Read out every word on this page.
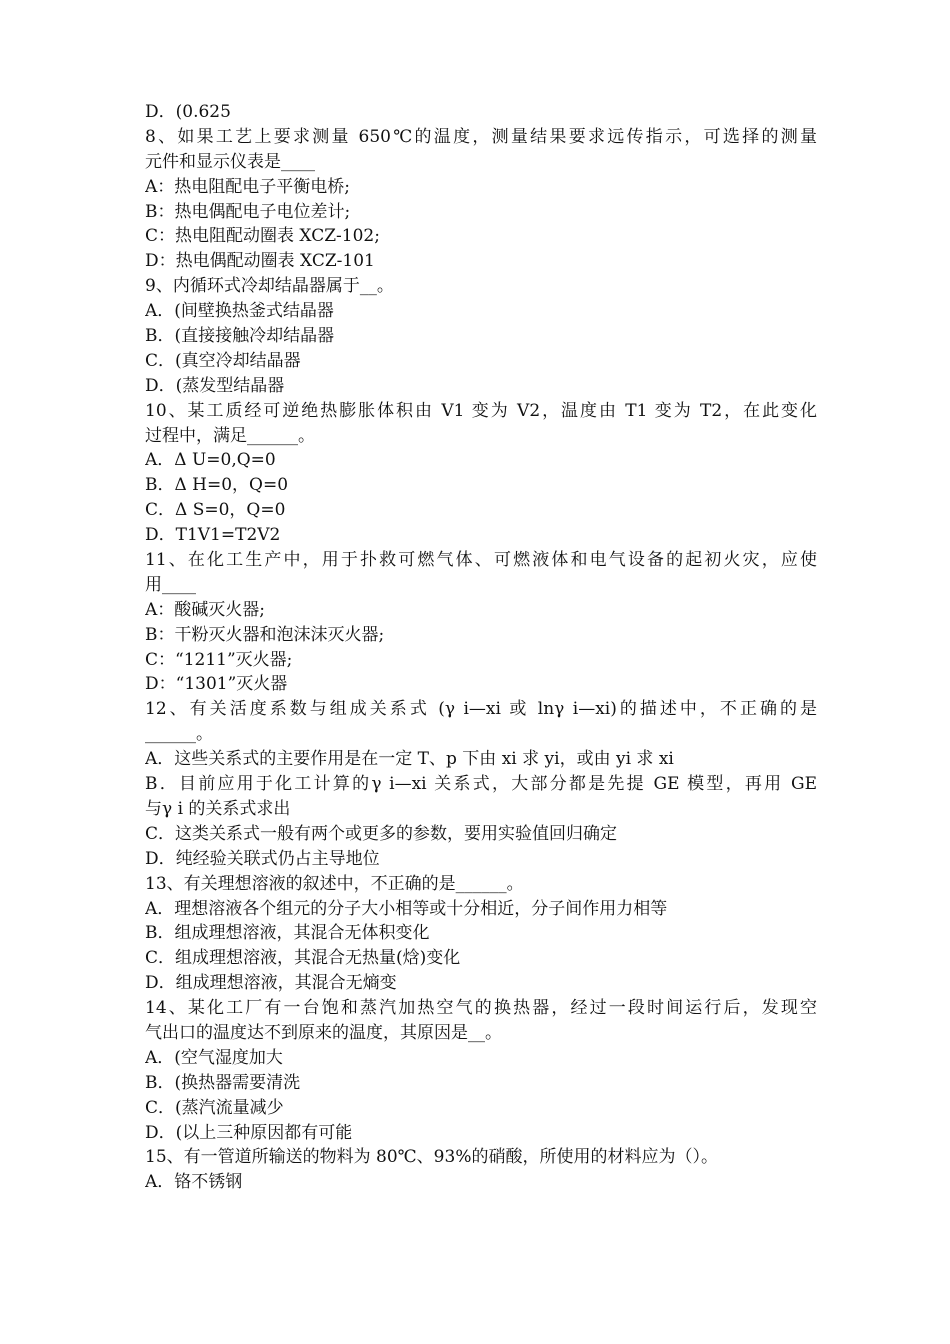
D．(0.625
8、如果工艺上要求测量 650℃的温度，测量结果要求远传指示，可选择的测量
元件和显示仪表是____
A：热电阻配电子平衡电桥;
B：热电偶配电子电位差计;
C：热电阻配动圈表 XCZ-102;
D：热电偶配动圈表 XCZ-101
9、内循环式冷却结晶器属于__。
A．(间壁换热釜式结晶器
B．(直接接触冷却结晶器
C．(真空冷却结晶器
D．(蒸发型结晶器
10、某工质经可逆绝热膨胀体积由 V1 变为 V2，温度由 T1 变为 T2，在此变化
过程中，满足______。
A．Δ U=0,Q=0
B．Δ H=0，Q=0
C．Δ S=0，Q=0
D．T1V1=T2V2
11、在化工生产中，用于扑救可燃气体、可燃液体和电气设备的起初火灾，应使
用____
A：酸碱灭火器;
B：干粉灭火器和泡沫沫灭火器;
C：“1211”灭火器;
D：“1301”灭火器
12、有关活度系数与组成关系式 (γ i—xi 或 lnγ i—xi)的描述中，不正确的是
______。
A．这些关系式的主要作用是在一定 T、p 下由 xi 求 yi，或由 yi 求 xi
B．目前应用于化工计算的γ i—xi 关系式，大部分都是先提 GE 模型，再用 GE
与γ i 的关系式求出
C．这类关系式一般有两个或更多的参数，要用实验值回归确定
D．纯经验关联式仍占主导地位
13、有关理想溶液的叙述中，不正确的是______。
A．理想溶液各个组元的分子大小相等或十分相近，分子间作用力相等
B．组成理想溶液，其混合无体积变化
C．组成理想溶液，其混合无热量(焓)变化
D．组成理想溶液，其混合无熵变
14、某化工厂有一台饱和蒸汽加热空气的换热器，经过一段时间运行后，发现空
气出口的温度达不到原来的温度，其原因是__。
A．(空气湿度加大
B．(换热器需要清洗
C．(蒸汽流量减少
D．(以上三种原因都有可能
15、有一管道所输送的物料为 80℃、93%的硝酸，所使用的材料应为（）。
A．铬不锈钢
